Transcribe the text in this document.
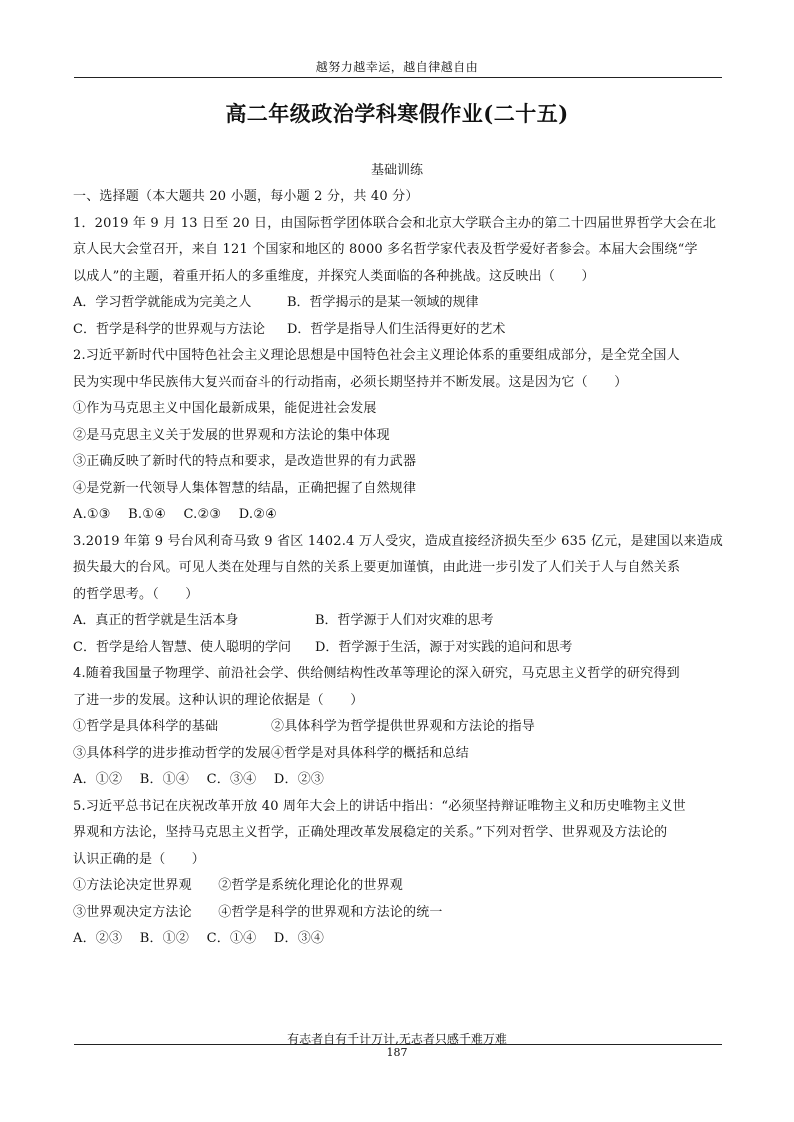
越努力越幸运，越自律越自由
高二年级政治学科寒假作业(二十五)
基础训练
一、选择题（本大题共 20 小题，每小题 2 分，共 40 分）
1．2019 年 9 月 13 日至 20 日，由国际哲学团体联合会和北京大学联合主办的第二十四届世界哲学大会在北
京人民大会堂召开，来自 121 个国家和地区的 8000 多名哲学家代表及哲学爱好者参会。本届大会围绕“学
以成人”的主题，着重开拓人的多重维度，并探究人类面临的各种挑战。这反映出（　　）
A．学习哲学就能成为完美之人	B．哲学揭示的是某一领域的规律
C．哲学是科学的世界观与方法论	D．哲学是指导人们生活得更好的艺术
2.习近平新时代中国特色社会主义理论思想是中国特色社会主义理论体系的重要组成部分，是全党全国人
民为实现中华民族伟大复兴而奋斗的行动指南，必须长期坚持并不断发展。这是因为它（　　）
①作为马克思主义中国化最新成果，能促进社会发展
②是马克思主义关于发展的世界观和方法论的集中体现
③正确反映了新时代的特点和要求，是改造世界的有力武器
④是党新一代领导人集体智慧的结晶，正确把握了自然规律
A.①③　 B.①④　 C.②③　 D.②④
3.2019 年第 9 号台风利奇马致 9 省区 1402.4 万人受灾，造成直接经济损失至少 635 亿元，是建国以来造成
损失最大的台风。可见人类在处理与自然的关系上要更加谨慎，由此进一步引发了人们关于人与自然关系
的哲学思考。（　　）
A．真正的哲学就是生活本身	B．哲学源于人们对灾难的思考
C．哲学是给人智慧、使人聪明的学问	D．哲学源于生活，源于对实践的追问和思考
4.随着我国量子物理学、前沿社会学、供给侧结构性改革等理论的深入研究，马克思主义哲学的研究得到
了进一步的发展。这种认识的理论依据是（　　）
①哲学是具体科学的基础　　　　②具体科学为哲学提供世界观和方法论的指导
③具体科学的进步推动哲学的发展④哲学是对具体科学的概括和总结
A．①②　 B．①④　 C．③④　 D．②③
5.习近平总书记在庆祝改革开放 40 周年大会上的讲话中指出：“必须坚持辩证唯物主义和历史唯物主义世
界观和方法论，坚持马克思主义哲学，正确处理改革发展稳定的关系。”下列对哲学、世界观及方法论的
认识正确的是（　　）
①方法论决定世界观　　②哲学是系统化理论化的世界观
③世界观决定方法论　　④哲学是科学的世界观和方法论的统一
A．②③　 B．①②　 C．①④　 D．③④
有志者自有千计万计,无志者只感千难万难
187
